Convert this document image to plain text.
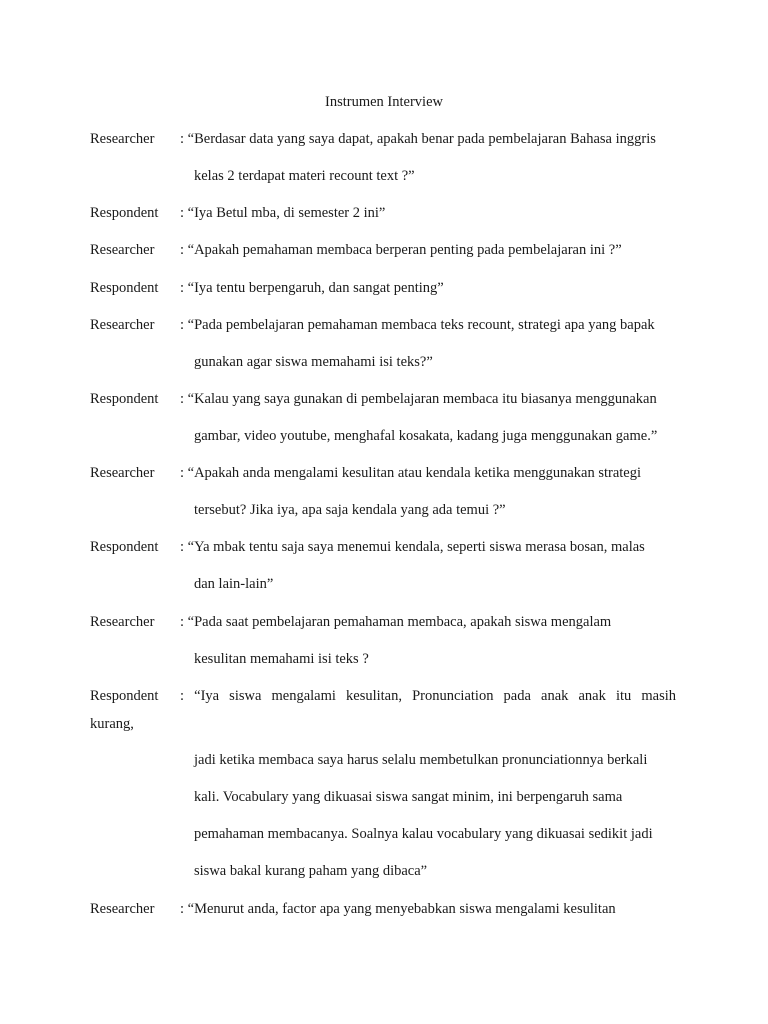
Instrumen Interview
Researcher : “Berdasar data yang saya dapat, apakah benar pada pembelajaran Bahasa inggris
kelas 2 terdapat materi recount text ?”
Respondent : “Iya Betul mba, di semester 2 ini”
Researcher : “Apakah pemahaman membaca berperan penting pada pembelajaran ini ?”
Respondent : “Iya tentu berpengaruh, dan sangat penting”
Researcher : “Pada pembelajaran pemahaman membaca teks recount, strategi apa yang bapak
gunakan agar siswa memahami isi teks?”
Respondent : “Kalau yang saya gunakan di pembelajaran membaca itu biasanya menggunakan
gambar, video youtube, menghafal kosakata, kadang juga menggunakan game.”
Researcher : “Apakah anda mengalami kesulitan atau kendala ketika menggunakan strategi
tersebut? Jika iya, apa saja kendala yang ada temui ?”
Respondent : “Ya mbak tentu saja saya menemui kendala, seperti siswa merasa bosan, malas
dan lain-lain”
Researcher : “Pada saat pembelajaran pemahaman membaca, apakah siswa mengalam
kesulitan memahami isi teks ?
Respondent : “Iya siswa mengalami kesulitan, Pronunciation pada anak anak itu masih
kurang,
jadi ketika membaca saya harus selalu membetulkan pronunciationnya berkali
kali. Vocabulary yang dikuasai siswa sangat minim, ini berpengaruh sama
pemahaman membacanya. Soalnya kalau vocabulary yang dikuasai sedikit jadi
siswa bakal kurang paham yang dibaca”
Researcher : “Menurut anda, factor apa yang menyebabkan siswa mengalami kesulitan
